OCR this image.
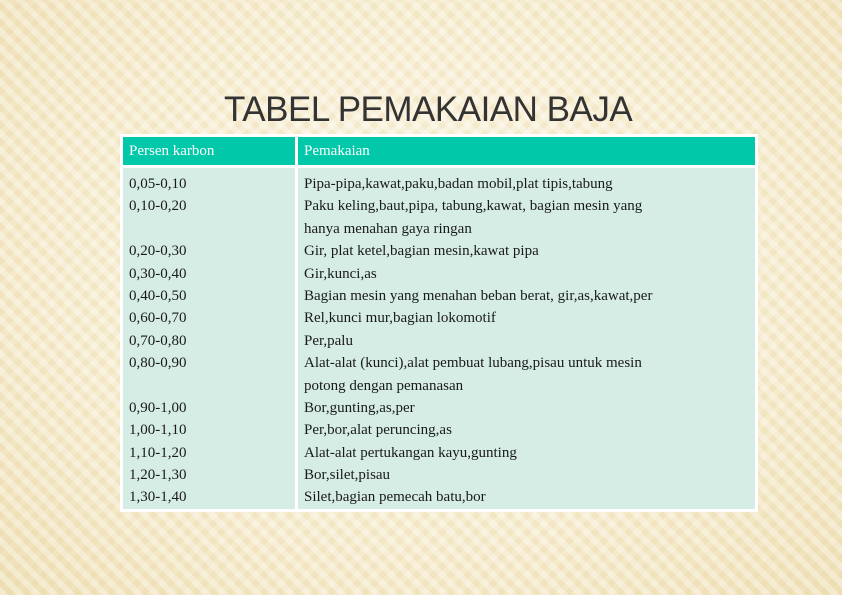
TABEL PEMAKAIAN BAJA
Persen karbon	Pemakaian
0,05-0,10
0,10-0,20
0,20-0,30
0,30-0,40
0,40-0,50
0,60-0,70
0,70-0,80
0,80-0,90
0,90-1,00
1,00-1,10
1,10-1,20
1,20-1,30
1,30-1,40
Pipa-pipa,kawat,paku,badan mobil,plat tipis,tabung
Paku keling,baut,pipa, tabung,kawat, bagian mesin yang
hanya menahan gaya ringan
Gir, plat ketel,bagian mesin,kawat pipa
Gir,kunci,as
Bagian mesin yang menahan beban berat, gir,as,kawat,per
Rel,kunci mur,bagian lokomotif
Per,palu
Alat-alat (kunci),alat pembuat lubang,pisau untuk mesin
potong dengan pemanasan
Bor,gunting,as,per
Per,bor,alat peruncing,as
Alat-alat pertukangan kayu,gunting
Bor,silet,pisau
Silet,bagian pemecah batu,bor
